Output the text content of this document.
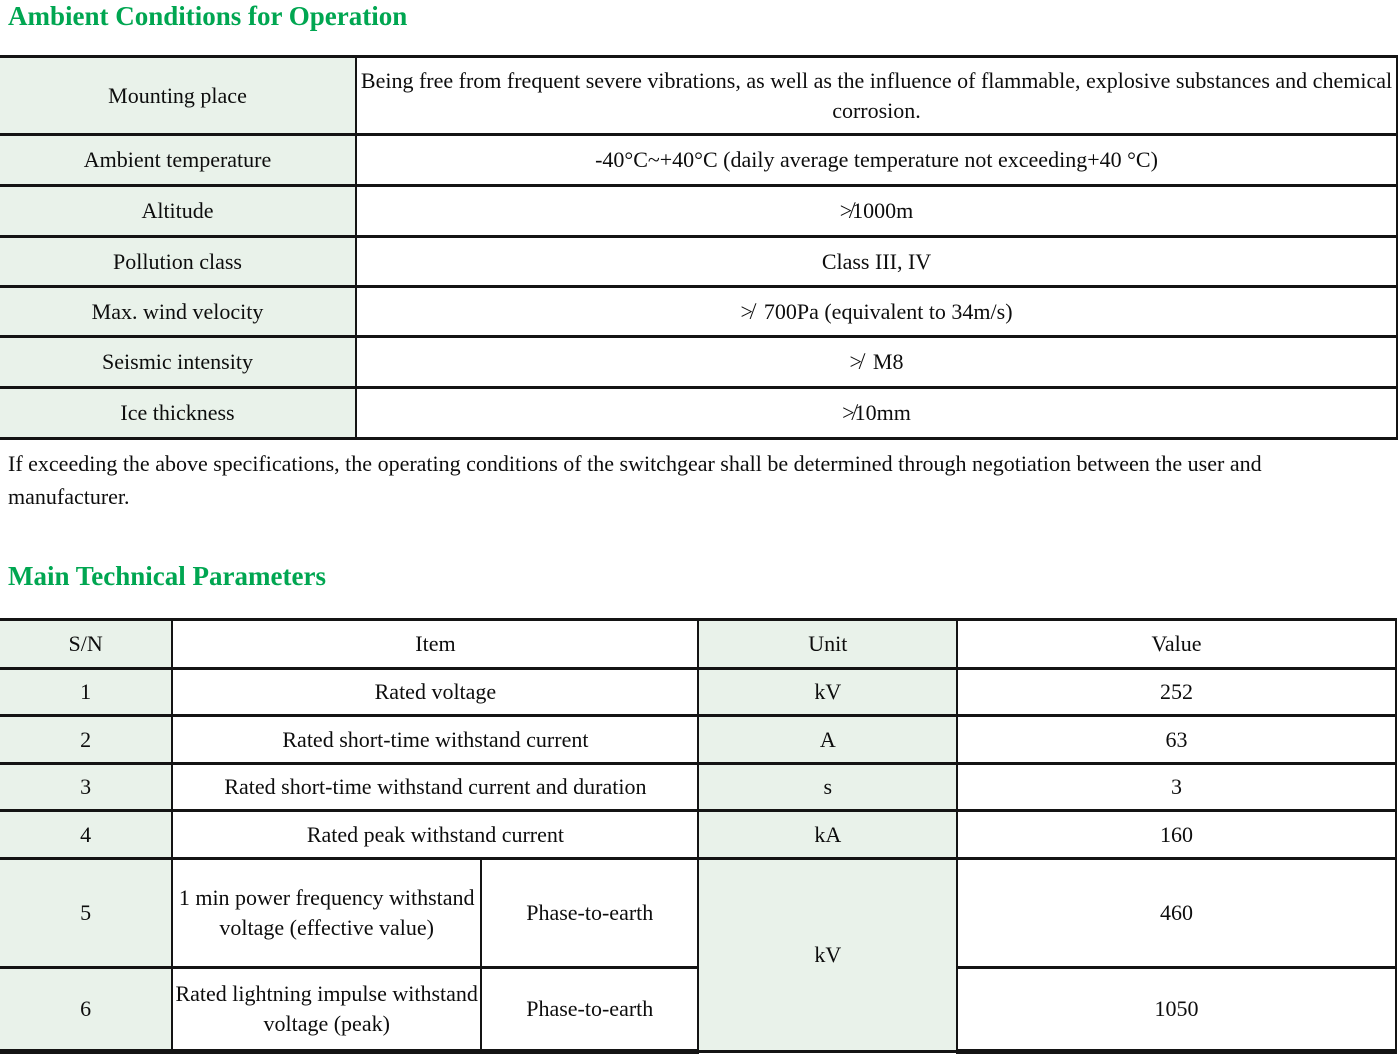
Ambient Conditions for Operation
Mounting place	Being free from frequent severe vibrations, as well as the influence of flammable, explosive substances and chemical corrosion.
Ambient temperature	-40°C~+40°C (daily average temperature not exceeding+40 °C)
Altitude	≯1000m
Pollution class	Class III, IV
Max. wind velocity	≯ 700Pa (equivalent to 34m/s)
Seismic intensity	≯ M8
Ice thickness	≯10mm

If exceeding the above specifications, the operating conditions of the switchgear shall be determined through negotiation between the user and manufacturer.

Main Technical Parameters
S/N	Item		Unit	Value
1	Rated voltage		kV	252
2	Rated short-time withstand current		A	63
3	Rated short-time withstand current and duration		s	3
4	Rated peak withstand current		kA	160
5	1 min power frequency withstand voltage (effective value)	Phase-to-earth	kV	460
6	Rated lightning impulse withstand voltage (peak)	Phase-to-earth		1050
